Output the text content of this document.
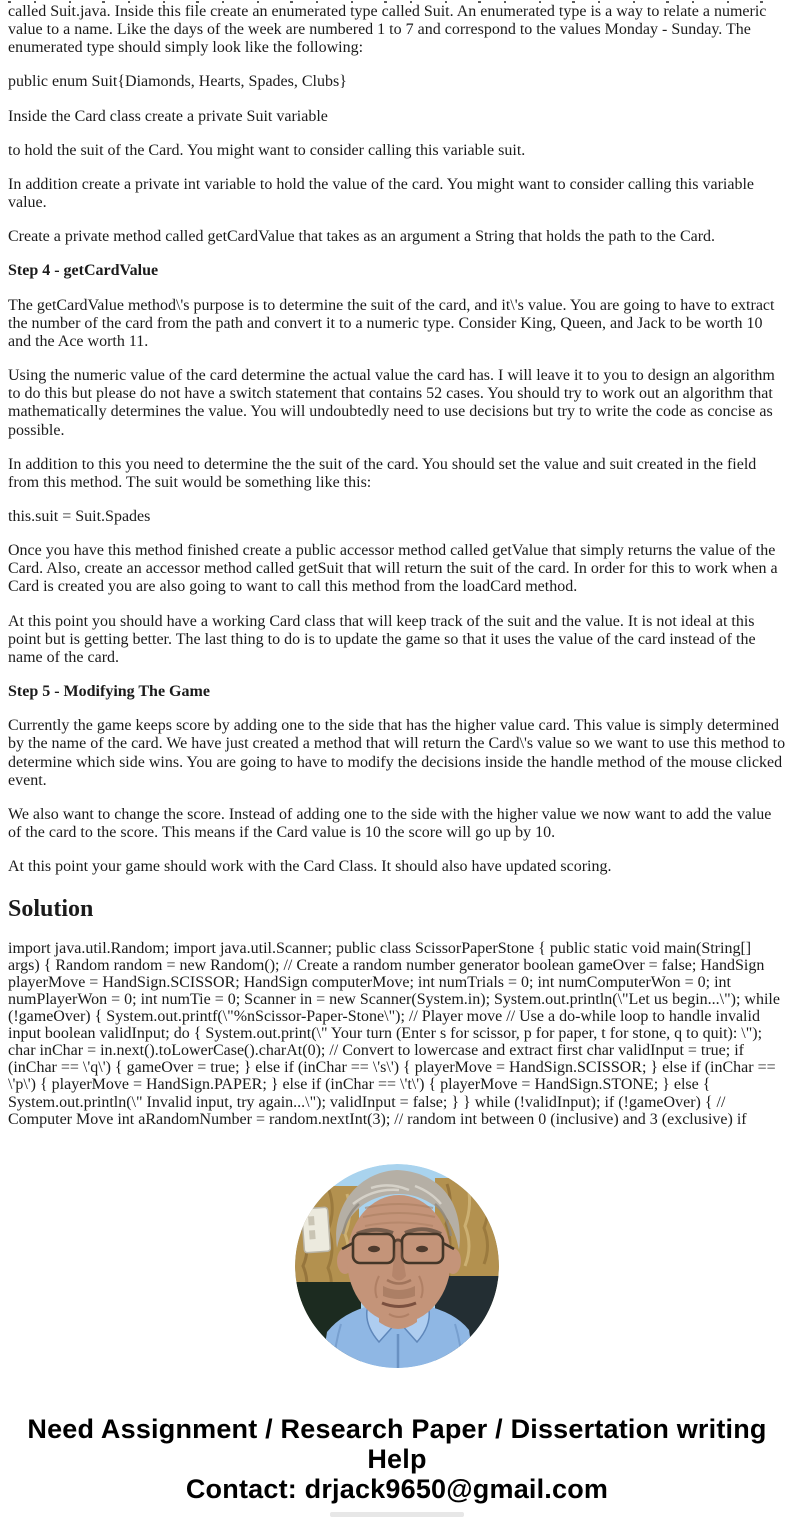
called Suit.java. Inside this file create an enumerated type called Suit. An enumerated type is a way to relate a numeric value to a name. Like the days of the week are numbered 1 to 7 and correspond to the values Monday - Sunday. The enumerated type should simply look like the following:

public enum Suit{Diamonds, Hearts, Spades, Clubs}

Inside the Card class create a private Suit variable

to hold the suit of the Card. You might want to consider calling this variable suit.

In addition create a private int variable to hold the value of the card. You might want to consider calling this variable value.

Create a private method called getCardValue that takes as an argument a String that holds the path to the Card.

Step 4 - getCardValue

The getCardValue method\'s purpose is to determine the suit of the card, and it\'s value. You are going to have to extract the number of the card from the path and convert it to a numeric type. Consider King, Queen, and Jack to be worth 10 and the Ace worth 11.

Using the numeric value of the card determine the actual value the card has. I will leave it to you to design an algorithm to do this but please do not have a switch statement that contains 52 cases. You should try to work out an algorithm that mathematically determines the value. You will undoubtedly need to use decisions but try to write the code as concise as possible.

In addition to this you need to determine the the suit of the card. You should set the value and suit created in the field from this method. The suit would be something like this:

this.suit = Suit.Spades

Once you have this method finished create a public accessor method called getValue that simply returns the value of the Card. Also, create an accessor method called getSuit that will return the suit of the card. In order for this to work when a Card is created you are also going to want to call this method from the loadCard method.

At this point you should have a working Card class that will keep track of the suit and the value. It is not ideal at this point but is getting better. The last thing to do is to update the game so that it uses the value of the card instead of the name of the card.

Step 5 - Modifying The Game

Currently the game keeps score by adding one to the side that has the higher value card. This value is simply determined by the name of the card. We have just created a method that will return the Card\'s value so we want to use this method to determine which side wins. You are going to have to modify the decisions inside the handle method of the mouse clicked event.

We also want to change the score. Instead of adding one to the side with the higher value we now want to add the value of the card to the score. This means if the Card value is 10 the score will go up by 10.

At this point your game should work with the Card Class. It should also have updated scoring.

Solution

import java.util.Random; import java.util.Scanner; public class ScissorPaperStone { public static void main(String[] args) { Random random = new Random(); // Create a random number generator boolean gameOver = false; HandSign playerMove = HandSign.SCISSOR; HandSign computerMove; int numTrials = 0; int numComputerWon = 0; int numPlayerWon = 0; int numTie = 0; Scanner in = new Scanner(System.in); System.out.println(\"Let us begin...\"); while (!gameOver) { System.out.printf(\"%nScissor-Paper-Stone\"); // Player move // Use a do-while loop to handle invalid input boolean validInput; do { System.out.print(\" Your turn (Enter s for scissor, p for paper, t for stone, q to quit): \"); char inChar = in.next().toLowerCase().charAt(0); // Convert to lowercase and extract first char validInput = true; if (inChar == \'q\') { gameOver = true; } else if (inChar == \'s\') { playerMove = HandSign.SCISSOR; } else if (inChar == \'p\') { playerMove = HandSign.PAPER; } else if (inChar == \'t\') { playerMove = HandSign.STONE; } else { System.out.println(\" Invalid input, try again...\"); validInput = false; } } while (!validInput); if (!gameOver) { // Computer Move int aRandomNumber = random.nextInt(3); // random int between 0 (inclusive) and 3 (exclusive) if

Need Assignment / Research Paper / Dissertation writing Help
Contact: drjack9650@gmail.com
